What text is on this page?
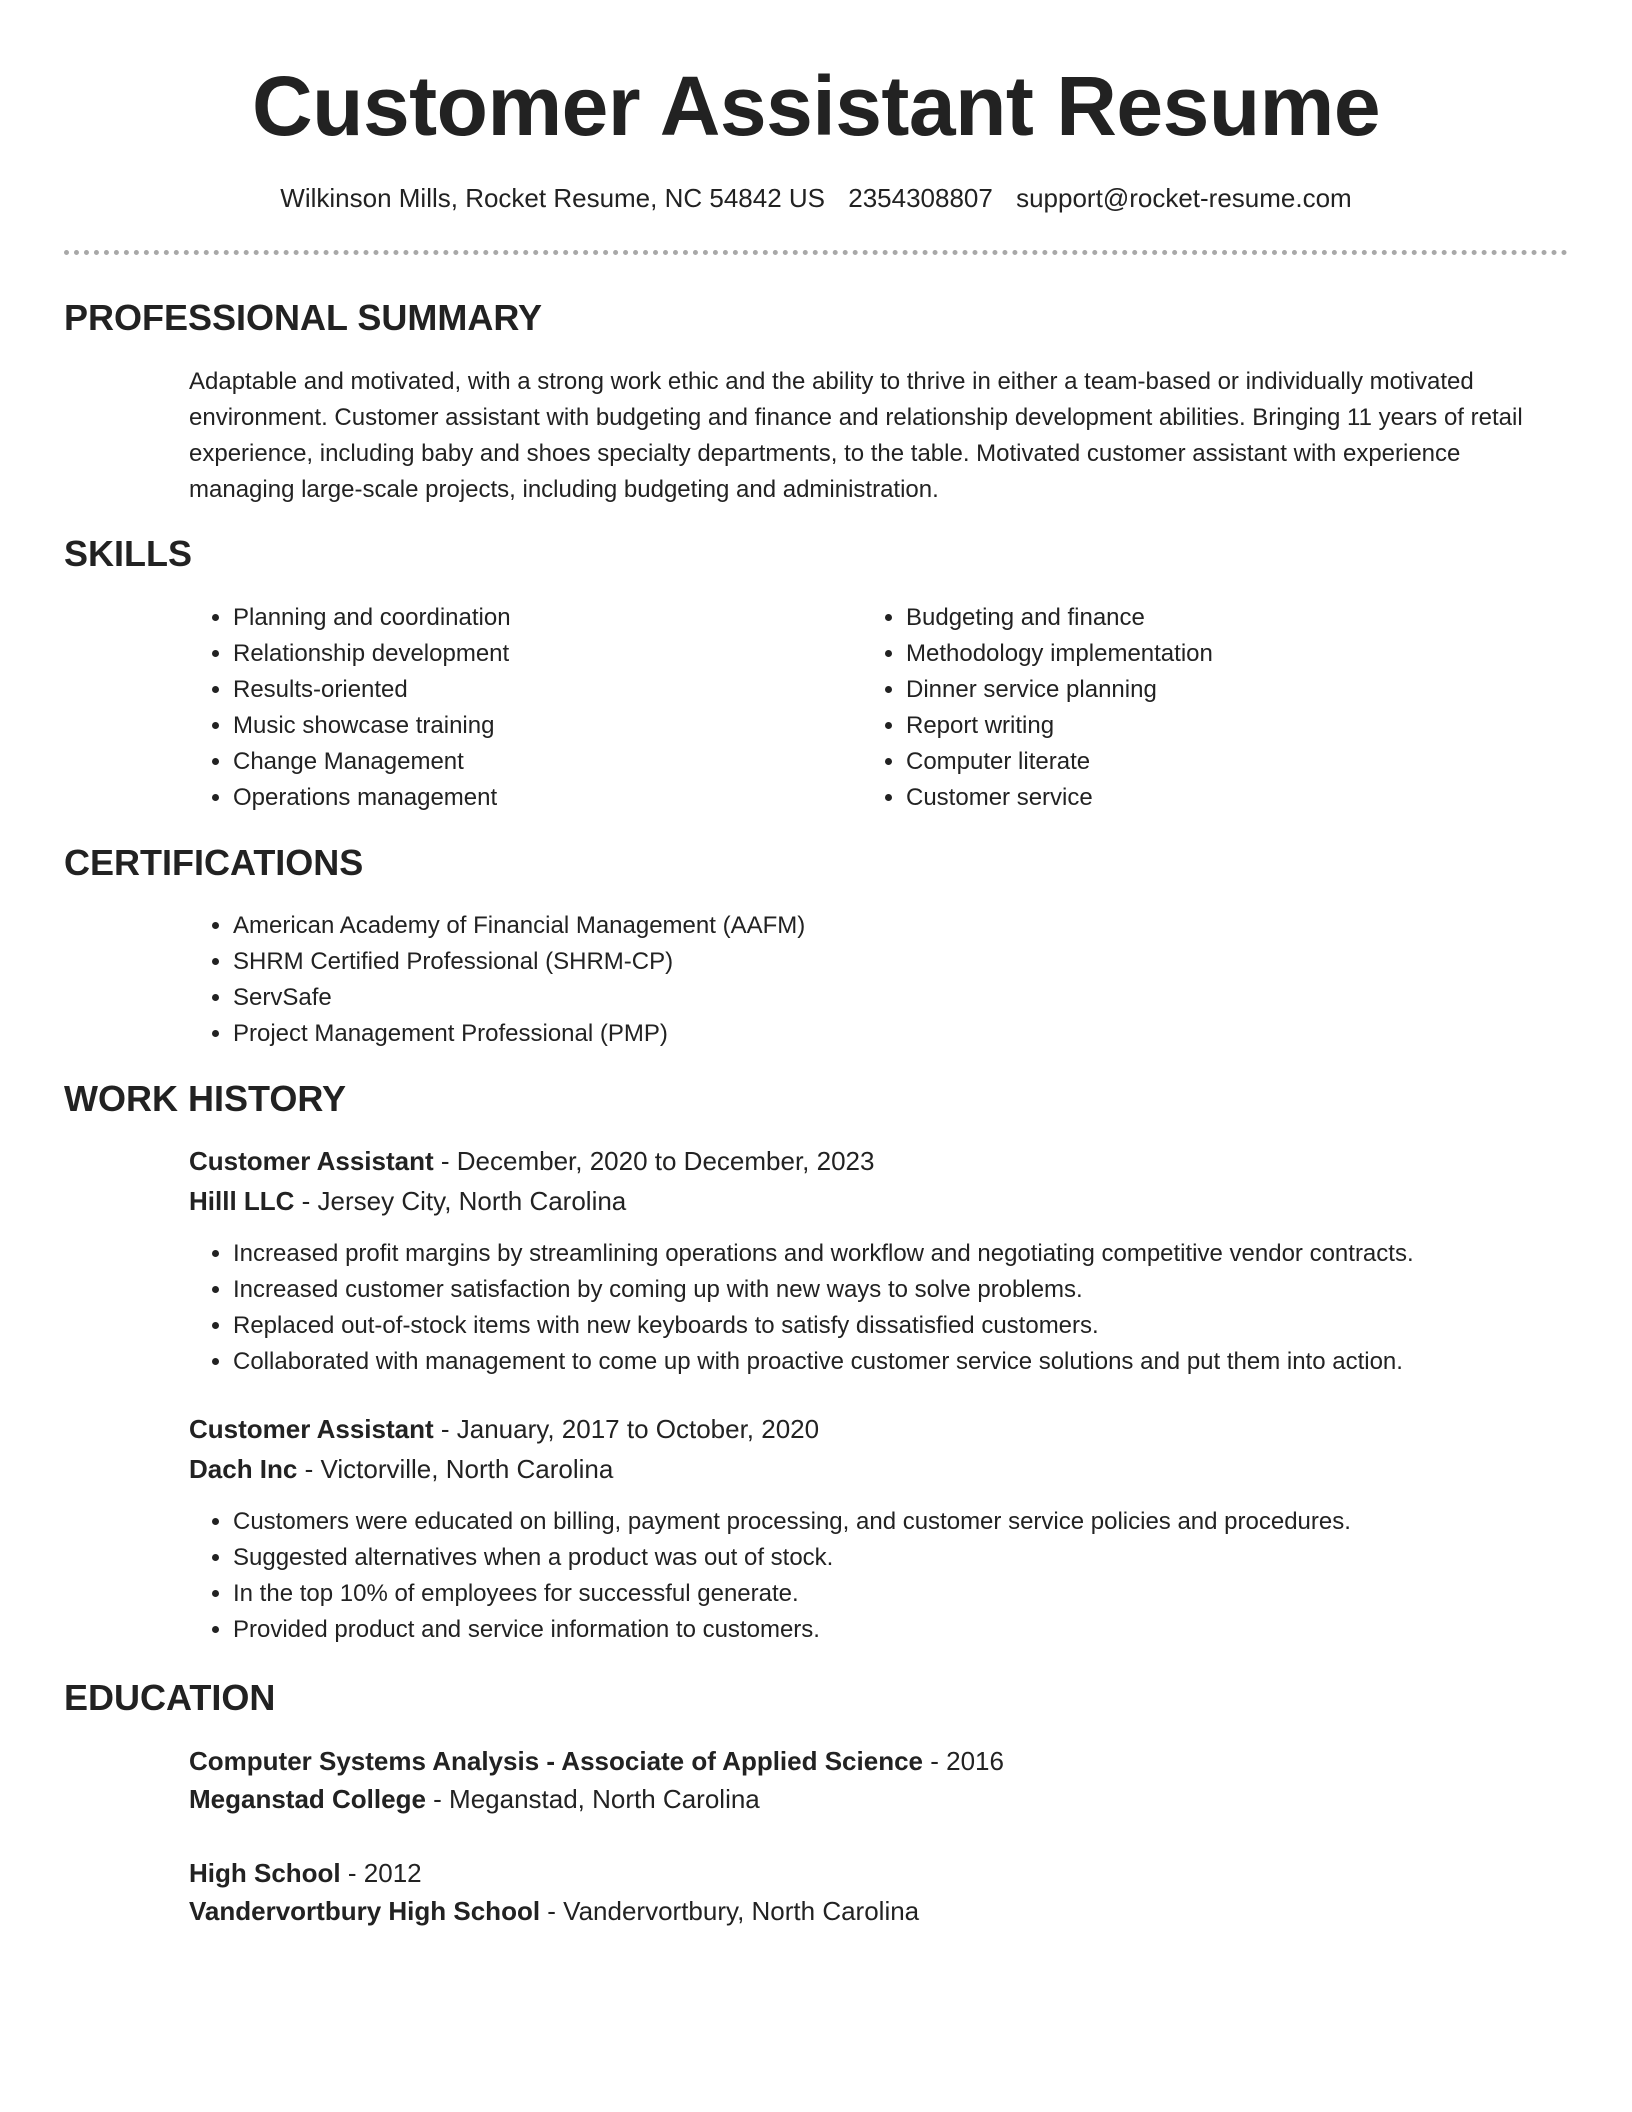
Customer Assistant Resume
Wilkinson Mills, Rocket Resume, NC 54842 US 2354308807 support@rocket-resume.com
PROFESSIONAL SUMMARY

Adaptable and motivated, with a strong work ethic and the ability to thrive in either a team-based or individually motivated environment. Customer assistant with budgeting and finance and relationship development abilities. Bringing 11 years of retail experience, including baby and shoes specialty departments, to the table. Motivated customer assistant with experience managing large-scale projects, including budgeting and administration.

SKILLS
• Planning and coordination
• Relationship development
• Results-oriented
• Music showcase training
• Change Management
• Operations management
• Budgeting and finance
• Methodology implementation
• Dinner service planning
• Report writing
• Computer literate
• Customer service
CERTIFICATIONS
• American Academy of Financial Management (AAFM)
• SHRM Certified Professional (SHRM-CP)
• ServSafe
• Project Management Professional (PMP)
WORK HISTORY
Customer Assistant - December, 2020 to December, 2023
Hilll LLC - Jersey City, North Carolina
• Increased profit margins by streamlining operations and workflow and negotiating competitive vendor contracts.
• Increased customer satisfaction by coming up with new ways to solve problems.
• Replaced out-of-stock items with new keyboards to satisfy dissatisfied customers.
• Collaborated with management to come up with proactive customer service solutions and put them into action.
Customer Assistant - January, 2017 to October, 2020
Dach Inc - Victorville, North Carolina
• Customers were educated on billing, payment processing, and customer service policies and procedures.
• Suggested alternatives when a product was out of stock.
• In the top 10% of employees for successful generate.
• Provided product and service information to customers.
EDUCATION
Computer Systems Analysis - Associate of Applied Science - 2016
Meganstad College - Meganstad, North Carolina
High School - 2012
Vandervortbury High School - Vandervortbury, North Carolina
